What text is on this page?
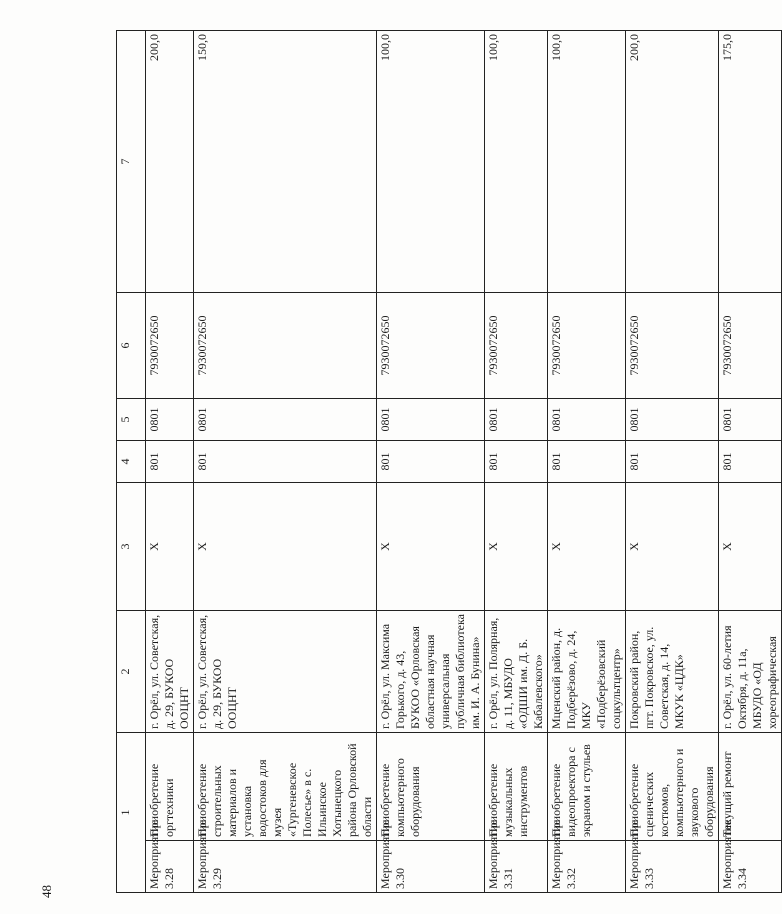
48
1		2	3	4	5	6	7
Мероприятие 3.28	Приобретение оргтехники	г. Орёл, ул. Советская, д. 29, БУКОО ООЦНТ	X	801	0801	7930072650	200,0
Мероприятие 3.29	Приобретение строительных материалов и установка водостоков для музея «Тургеневское Полесье» в с. Ильинское Хотынецкого района Орловской области	г. Орёл, ул. Советская, д. 29, БУКОО ООЦНТ	X	801	0801	7930072650	150,0
Мероприятие 3.30	Приобретение компьютерного оборудования	г. Орёл, ул. Максима Горького, д. 43, БУКОО «Орловская областная научная универсальная публичная библиотека им. И. А. Бунина»	X	801	0801	7930072650	100,0
Мероприятие 3.31	Приобретение музыкальных инструментов	г. Орёл, ул. Полярная, д. 11, МБУДО «ОДШИ им. Д. Б. Кабалевского»	X	801	0801	7930072650	100,0
Мероприятие 3.32	Приобретение видеопроектора с экраном и стульев	Мценский район, д. Подберёзово, д. 24, МКУ «Подберёзовский соцкультцентр»	X	801	0801	7930072650	100,0
Мероприятие 3.33	Приобретение сценических костюмов, компьютерного и звукового оборудования	Покровский район, пгт. Покровское, ул. Советская, д. 14, МКУК «ЦДК»	X	801	0801	7930072650	200,0
Мероприятие 3.34	Текущий ремонт	г. Орёл, ул. 60-летия Октября, д. 11а, МБУДО «ОД хореографическая	X	801	0801	7930072650	175,0
